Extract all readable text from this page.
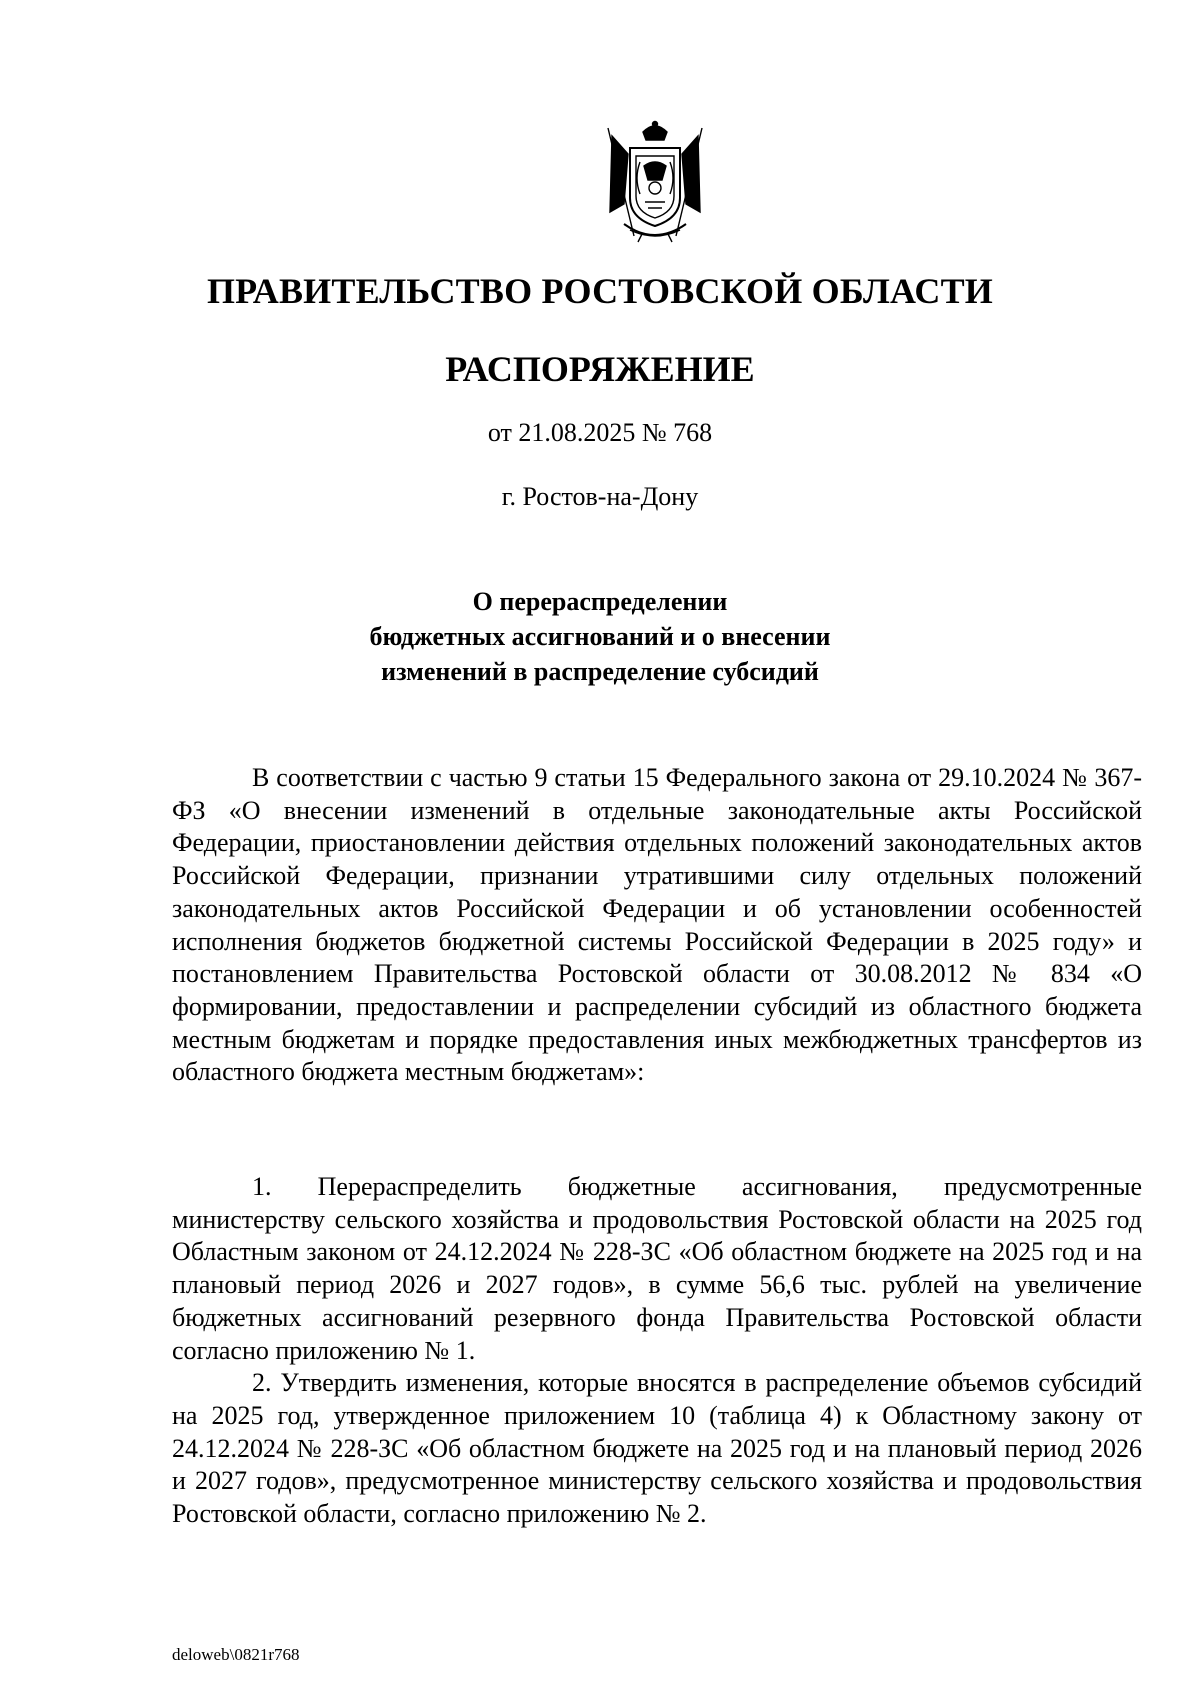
ПРАВИТЕЛЬСТВО РОСТОВСКОЙ ОБЛАСТИ
РАСПОРЯЖЕНИЕ
от 21.08.2025 № 768
г. Ростов-на-Дону
О перераспределении
бюджетных ассигнований и о внесении
изменений в распределение субсидий

В соответствии с частью 9 статьи 15 Федерального закона от 29.10.2024 № 367-ФЗ «О внесении изменений в отдельные законодательные акты Российской Федерации, приостановлении действия отдельных положений законодательных актов Российской Федерации, признании утратившими силу отдельных положений законодательных актов Российской Федерации и об установлении особенностей исполнения бюджетов бюджетной системы Российской Федерации в 2025 году» и постановлением Правительства Ростовской области от 30.08.2012 № 834 «О формировании, предоставлении и распределении субсидий из областного бюджета местным бюджетам и порядке предоставления иных межбюджетных трансфертов из областного бюджета местным бюджетам»:

1. Перераспределить бюджетные ассигнования, предусмотренные министерству сельского хозяйства и продовольствия Ростовской области на 2025 год Областным законом от 24.12.2024 № 228-ЗС «Об областном бюджете на 2025 год и на плановый период 2026 и 2027 годов», в сумме 56,6 тыс. рублей на увеличение бюджетных ассигнований резервного фонда Правительства Ростовской области согласно приложению № 1.

2. Утвердить изменения, которые вносятся в распределение объемов субсидий на 2025 год, утвержденное приложением 10 (таблица 4) к Областному закону от 24.12.2024 № 228-ЗС «Об областном бюджете на 2025 год и на плановый период 2026 и 2027 годов», предусмотренное министерству сельского хозяйства и продовольствия Ростовской области, согласно приложению № 2.

deloweb\0821r768
